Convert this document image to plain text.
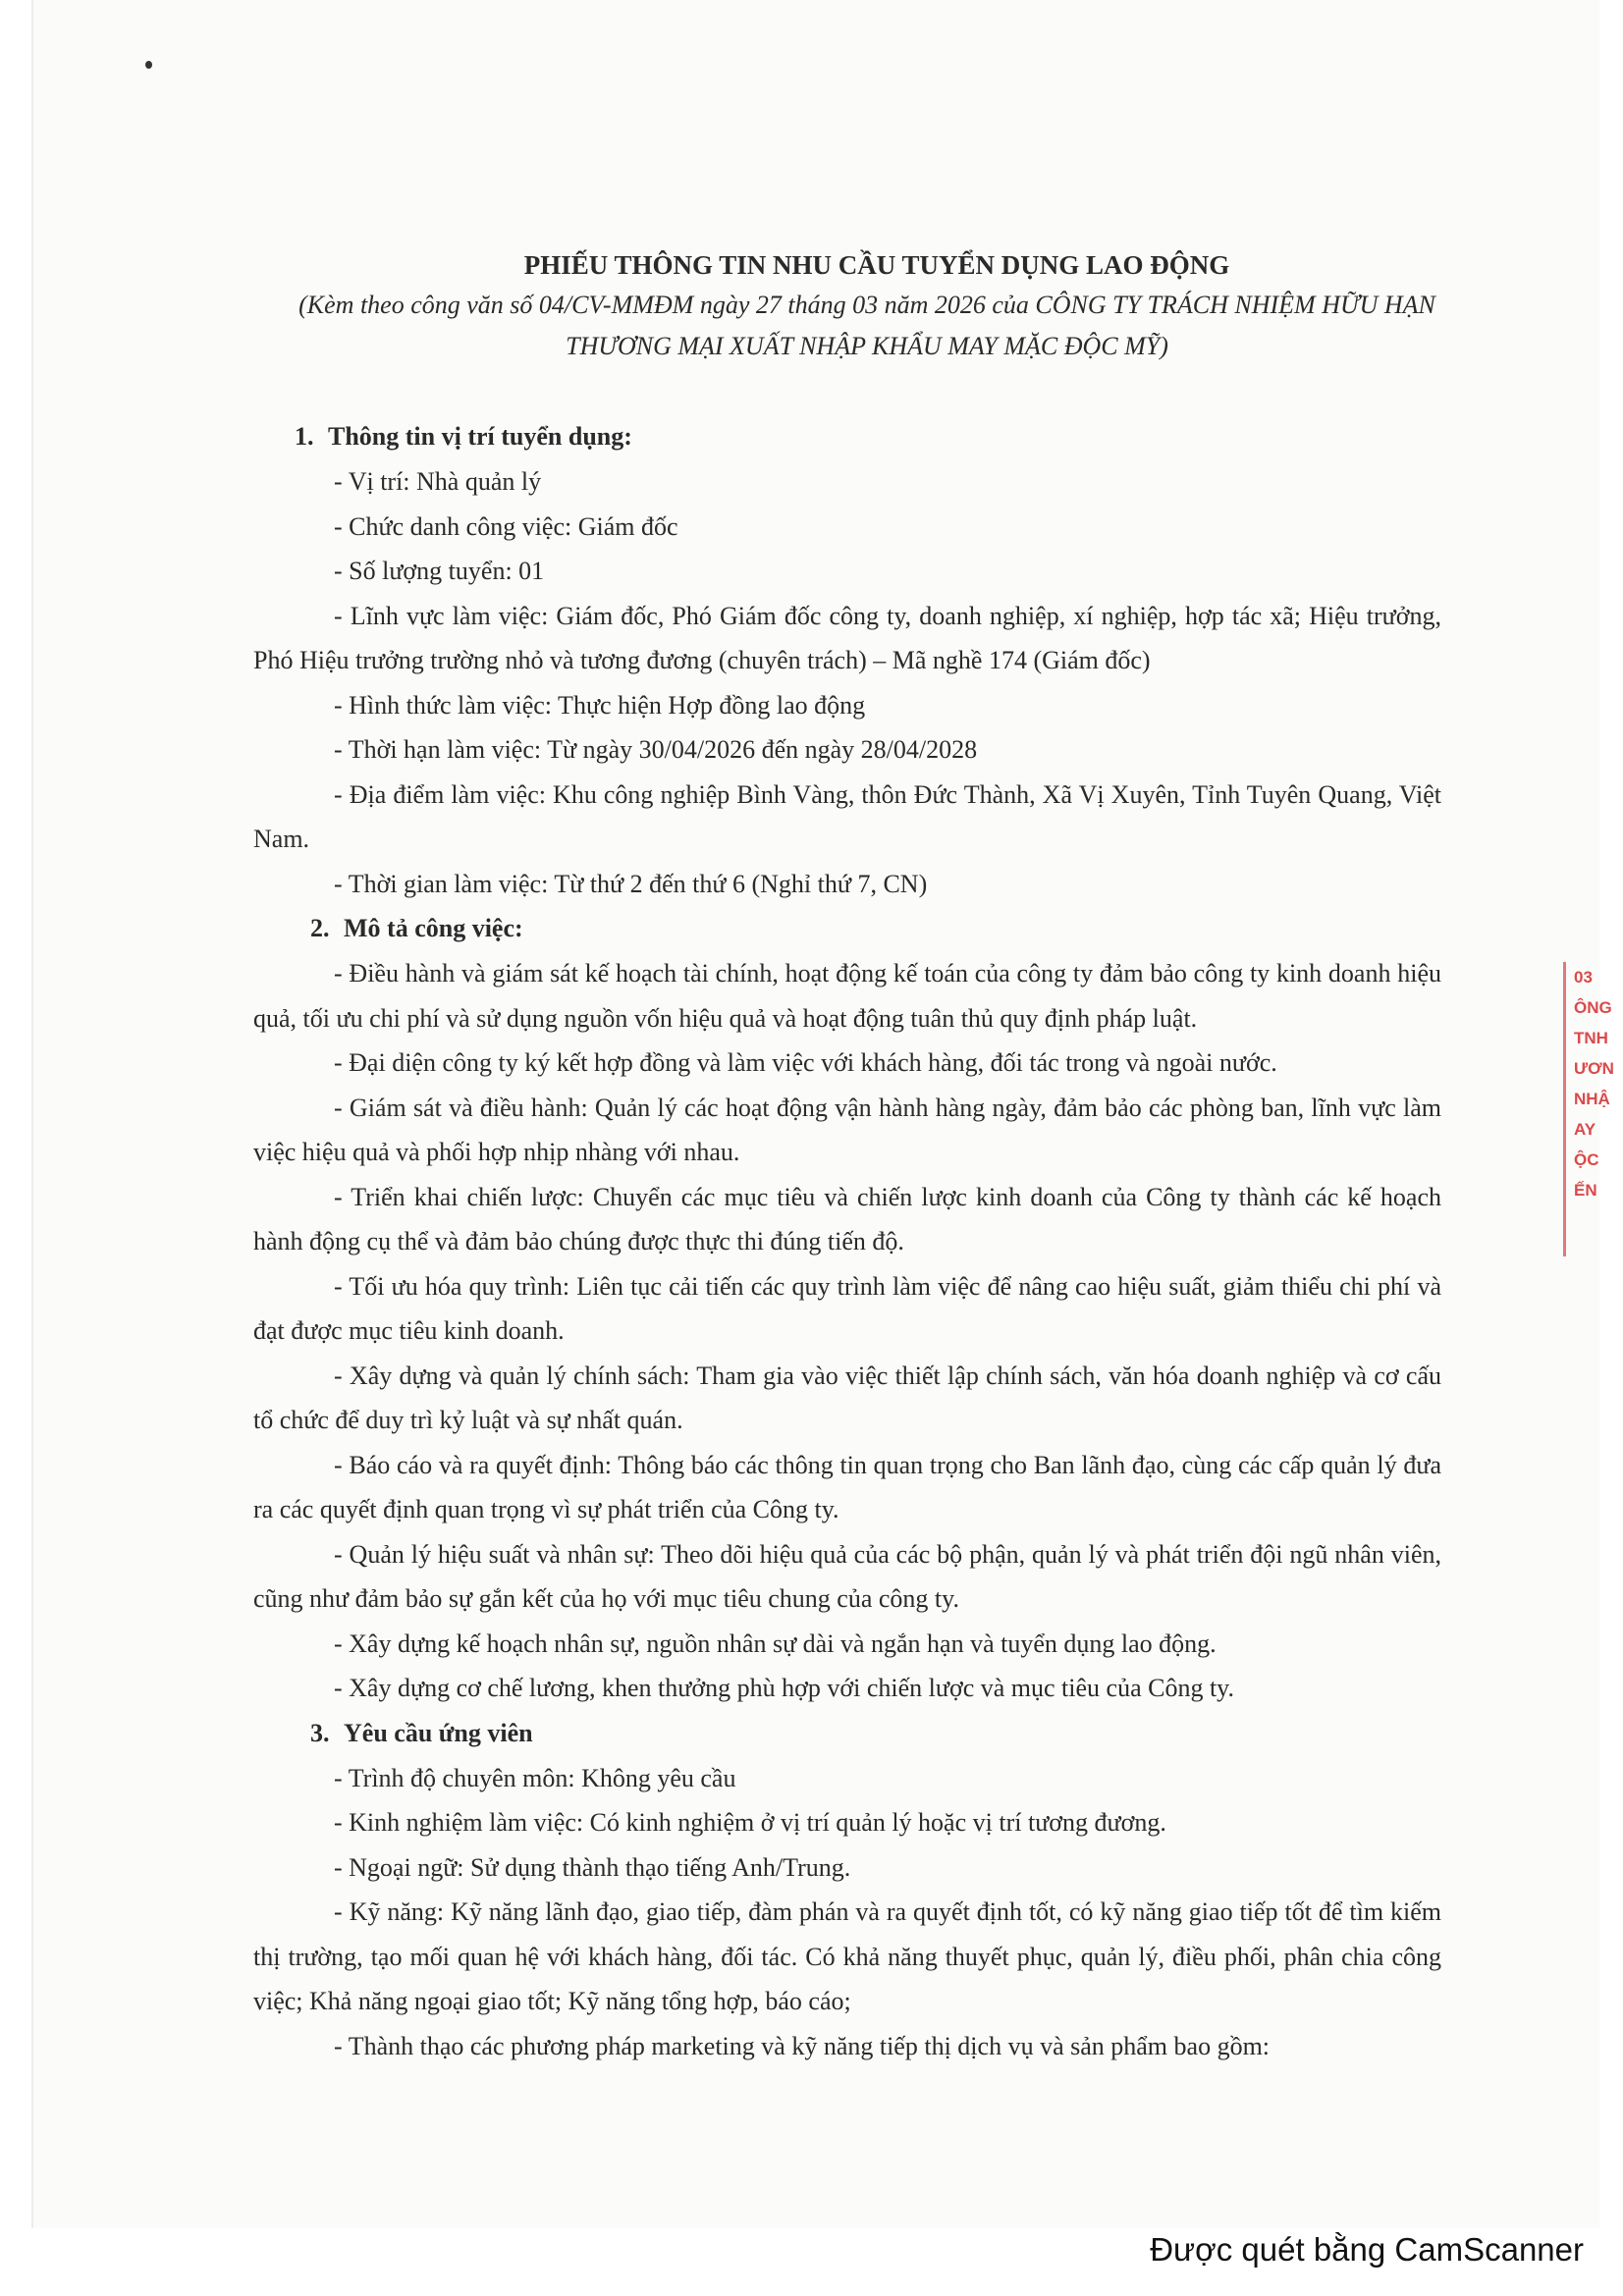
PHIẾU THÔNG TIN NHU CẦU TUYỂN DỤNG LAO ĐỘNG

(Kèm theo công văn số 04/CV-MMĐM ngày 27 tháng 03 năm 2026 của CÔNG TY TRÁCH NHIỆM HỮU HẠN THƯƠNG MẠI XUẤT NHẬP KHẨU MAY MẶC ĐỘC MỸ)

1. Thông tin vị trí tuyển dụng:

- Vị trí: Nhà quản lý

- Chức danh công việc: Giám đốc

- Số lượng tuyển: 01

- Lĩnh vực làm việc: Giám đốc, Phó Giám đốc công ty, doanh nghiệp, xí nghiệp, hợp tác xã; Hiệu trưởng, Phó Hiệu trưởng trường nhỏ và tương đương (chuyên trách) – Mã nghề 174 (Giám đốc)

- Hình thức làm việc: Thực hiện Hợp đồng lao động

- Thời hạn làm việc: Từ ngày 30/04/2026 đến ngày 28/04/2028

- Địa điểm làm việc: Khu công nghiệp Bình Vàng, thôn Đức Thành, Xã Vị Xuyên, Tỉnh Tuyên Quang, Việt Nam.

- Thời gian làm việc: Từ thứ 2 đến thứ 6 (Nghỉ thứ 7, CN)

2. Mô tả công việc:

- Điều hành và giám sát kế hoạch tài chính, hoạt động kế toán của công ty đảm bảo công ty kinh doanh hiệu quả, tối ưu chi phí và sử dụng nguồn vốn hiệu quả và hoạt động tuân thủ quy định pháp luật.

- Đại diện công ty ký kết hợp đồng và làm việc với khách hàng, đối tác trong và ngoài nước.

- Giám sát và điều hành: Quản lý các hoạt động vận hành hàng ngày, đảm bảo các phòng ban, lĩnh vực làm việc hiệu quả và phối hợp nhịp nhàng với nhau.

- Triển khai chiến lược: Chuyển các mục tiêu và chiến lược kinh doanh của Công ty thành các kế hoạch hành động cụ thể và đảm bảo chúng được thực thi đúng tiến độ.

- Tối ưu hóa quy trình: Liên tục cải tiến các quy trình làm việc để nâng cao hiệu suất, giảm thiểu chi phí và đạt được mục tiêu kinh doanh.

- Xây dựng và quản lý chính sách: Tham gia vào việc thiết lập chính sách, văn hóa doanh nghiệp và cơ cấu tổ chức để duy trì kỷ luật và sự nhất quán.

- Báo cáo và ra quyết định: Thông báo các thông tin quan trọng cho Ban lãnh đạo, cùng các cấp quản lý đưa ra các quyết định quan trọng vì sự phát triển của Công ty.

- Quản lý hiệu suất và nhân sự: Theo dõi hiệu quả của các bộ phận, quản lý và phát triển đội ngũ nhân viên, cũng như đảm bảo sự gắn kết của họ với mục tiêu chung của công ty.

- Xây dựng kế hoạch nhân sự, nguồn nhân sự dài và ngắn hạn và tuyển dụng lao động.

- Xây dựng cơ chế lương, khen thưởng phù hợp với chiến lược và mục tiêu của Công ty.

3. Yêu cầu ứng viên

- Trình độ chuyên môn: Không yêu cầu

- Kinh nghiệm làm việc: Có kinh nghiệm ở vị trí quản lý hoặc vị trí tương đương.

- Ngoại ngữ: Sử dụng thành thạo tiếng Anh/Trung.

- Kỹ năng: Kỹ năng lãnh đạo, giao tiếp, đàm phán và ra quyết định tốt, có kỹ năng giao tiếp tốt để tìm kiếm thị trường, tạo mối quan hệ với khách hàng, đối tác. Có khả năng thuyết phục, quản lý, điều phối, phân chia công việc; Khả năng ngoại giao tốt; Kỹ năng tổng hợp, báo cáo;

- Thành thạo các phương pháp marketing và kỹ năng tiếp thị dịch vụ và sản phẩm bao gồm:

03

ÔNG

TNH

ƯƠN

NHẬ

AY

ỘC

ẾN

Được quét bằng CamScanner
